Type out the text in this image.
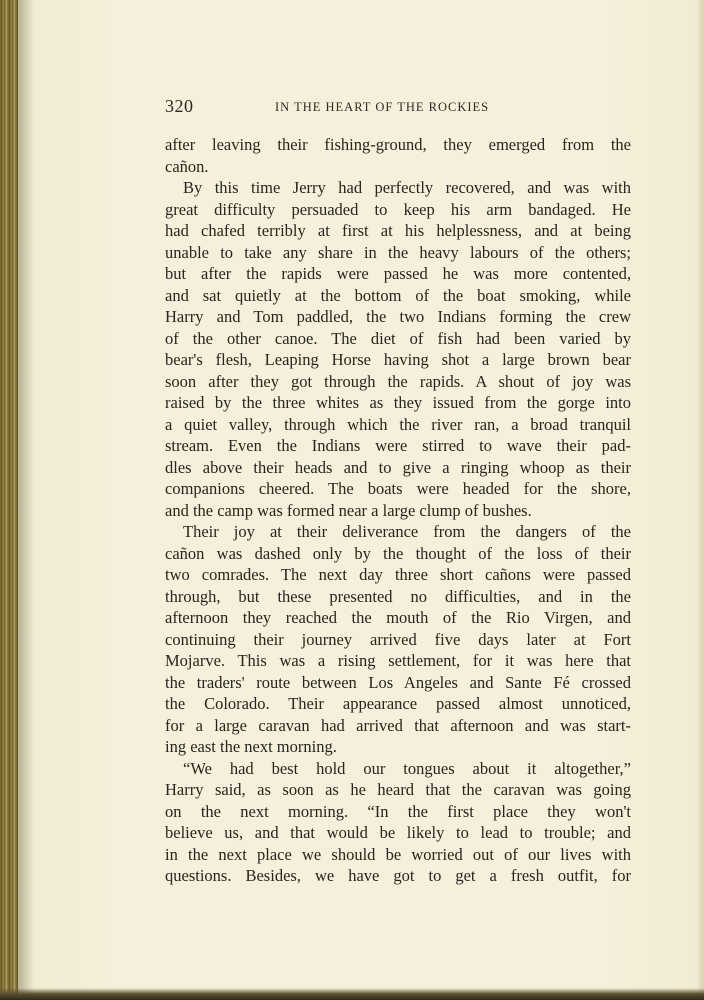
320	IN THE HEART OF THE ROCKIES
after leaving their fishing-ground, they emerged from the
cañon.
By this time Jerry had perfectly recovered, and was with
great difficulty persuaded to keep his arm bandaged. He
had chafed terribly at first at his helplessness, and at being
unable to take any share in the heavy labours of the others;
but after the rapids were passed he was more contented,
and sat quietly at the bottom of the boat smoking, while
Harry and Tom paddled, the two Indians forming the crew
of the other canoe. The diet of fish had been varied by
bear's flesh, Leaping Horse having shot a large brown bear
soon after they got through the rapids. A shout of joy was
raised by the three whites as they issued from the gorge into
a quiet valley, through which the river ran, a broad tranquil
stream. Even the Indians were stirred to wave their pad-
dles above their heads and to give a ringing whoop as their
companions cheered. The boats were headed for the shore,
and the camp was formed near a large clump of bushes.
Their joy at their deliverance from the dangers of the
cañon was dashed only by the thought of the loss of their
two comrades. The next day three short cañons were passed
through, but these presented no difficulties, and in the
afternoon they reached the mouth of the Rio Virgen, and
continuing their journey arrived five days later at Fort
Mojarve. This was a rising settlement, for it was here that
the traders' route between Los Angeles and Sante Fé crossed
the Colorado. Their appearance passed almost unnoticed,
for a large caravan had arrived that afternoon and was start-
ing east the next morning.
“We had best hold our tongues about it altogether,”
Harry said, as soon as he heard that the caravan was going
on the next morning. “In the first place they won't
believe us, and that would be likely to lead to trouble; and
in the next place we should be worried out of our lives with
questions. Besides, we have got to get a fresh outfit, for
